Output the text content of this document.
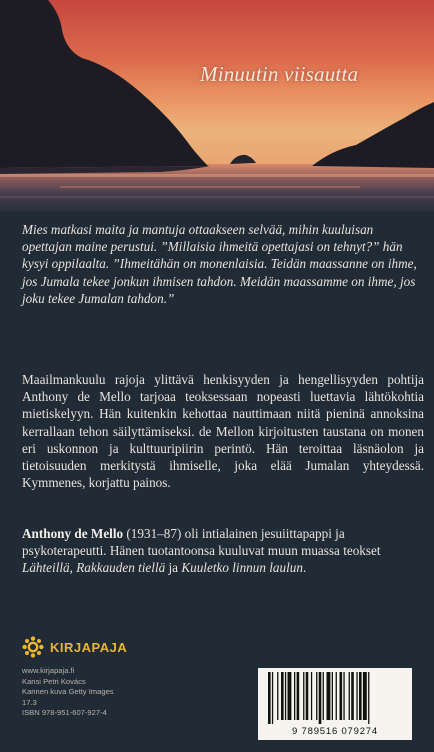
Minuutin viisautta

Mies matkasi maita ja mantuja ottaakseen selvää, mihin kuuluisan opettajan maine perustui. ”Millaisia ihmeitä opettajasi on tehnyt?” hän kysyi oppilaalta. ”Ihmeitähän on monenlaisia. Teidän maassanne on ihme, jos Jumala tekee jonkun ihmisen tahdon. Meidän maassamme on ihme, jos joku tekee Jumalan tahdon.”

Maailmankuulu rajoja ylittävä henkisyyden ja hengellisyyden pohtija Anthony de Mello tarjoaa teoksessaan nopeasti luettavia lähtökohtia mietiskelyyn. Hän kuitenkin kehottaa nauttimaan niitä pieninä annoksina kerrallaan tehon säilyttämiseksi. de Mellon kirjoitusten taustana on monen eri uskonnon ja kulttuuripiirin perintö. Hän teroittaa läsnäolon ja tietoisuuden merkitystä ihmiselle, joka elää Jumalan yhteydessä. Kymmenes, korjattu painos.

Anthony de Mello (1931–87) oli intialainen jesuiittapappi ja psykoterapeutti. Hänen tuotantoonsa kuuluvat muun muassa teokset Lähteillä, Rakkauden tiellä ja Kuuletko linnun laulun.

KIRJAPAJA
www.kirjapaja.fi
Kansi Petri Kovács
Kannen kuva Getty Images
17.3
ISBN 978-951-607-927-4
9 789516 079274
